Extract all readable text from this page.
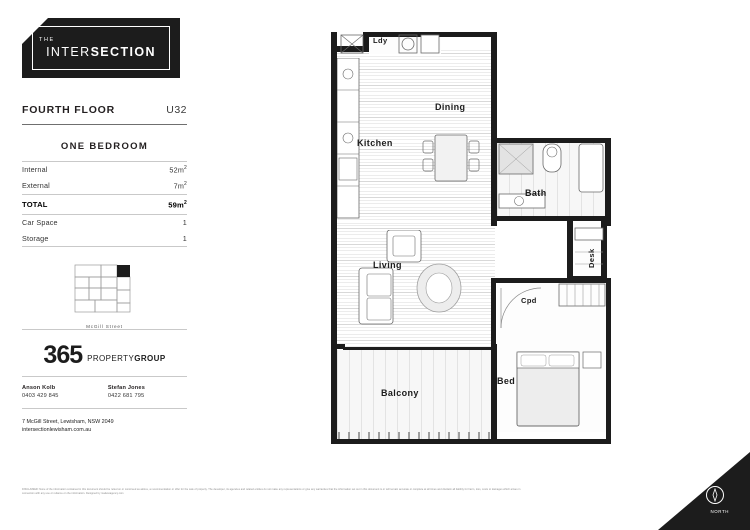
THE
INTERSECTION
FOURTH FLOOR	U32
ONE BEDROOM
Internal	$52m^2$
External	$7m^2$
TOTAL	$59m^2$
Car Space	1
Storage	1
McGill Street
365 PROPERTYGROUP
Anson Kolb
0403 429 845
Stefan Jones
0422 681 795
7 McGill Street, Lewisham, NSW 2049
intersectionlewisham.com.au
DISCLAIMER: None of the information contained in this document should be relied on or construed as advice, a recommendation or offer for the sale of property. The developer, its agencies and related entities do not make any representations or give any warranties that the information set out in this document is or will remain accurate or complete at all times and disclaim all liability for harm, loss, costs or damages which arises in connection with any use or reliance on the information. Designed by madetoagency.com
Ldy
Dining
Kitchen
Bath
Desk
Living
Cpd
Bed
Balcony
NORTH
